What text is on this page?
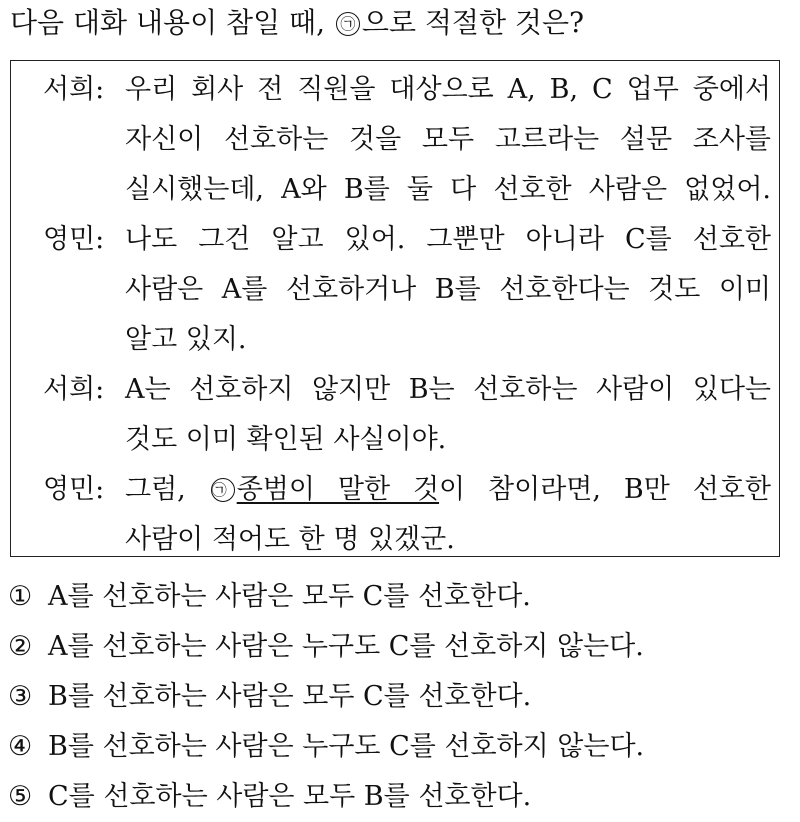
다음 대화 내용이 참일 때, ㉠ 으로 적절한 것은?
서희: 우리 회사 전 직원을 대상으로 A, B, C 업무 중에서
자신이 선호하는 것을 모두 고르라는 설문 조사를
실시했는데, A와 B를 둘 다 선호한 사람은 없었어.
영민: 나도 그건 알고 있어. 그뿐만 아니라 C를 선호한
사람은 A를 선호하거나 B를 선호한다는 것도 이미
알고 있지.
서희: A는 선호하지 않지만 B는 선호하는 사람이 있다는
것도 이미 확인된 사실이야.
영민: 그럼, ㉠ 종범이 말한 것이 참이라면, B만 선호한
사람이 적어도 한 명 있겠군.
① A를 선호하는 사람은 모두 C를 선호한다.
② A를 선호하는 사람은 누구도 C를 선호하지 않는다.
③ B를 선호하는 사람은 모두 C를 선호한다.
④ B를 선호하는 사람은 누구도 C를 선호하지 않는다.
⑤ C를 선호하는 사람은 모두 B를 선호한다.
